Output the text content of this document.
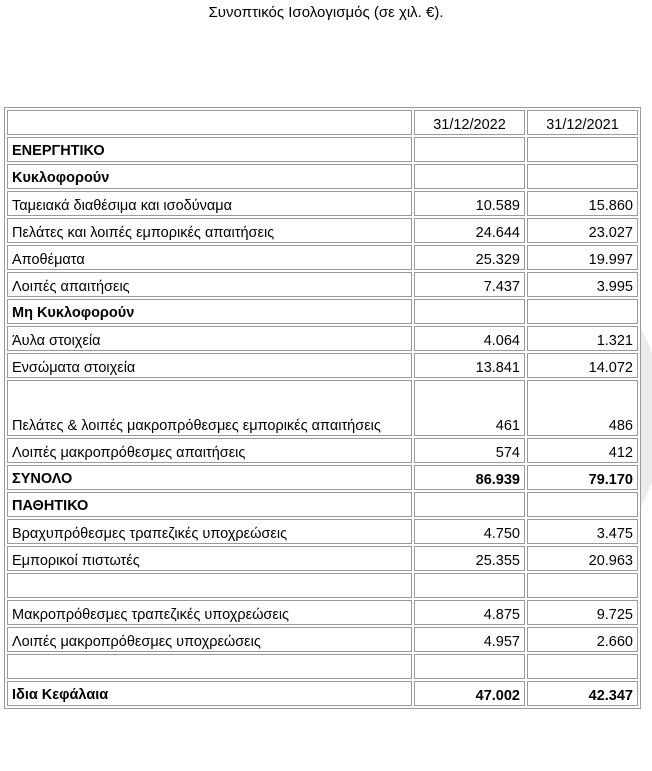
Συνοπτικός Ισολογισμός (σε χιλ. €).
	31/12/2022	31/12/2021
ΕΝΕΡΓΗΤΙΚΟ		
Κυκλοφορούν		
Ταμειακά διαθέσιμα και ισοδύναμα	10.589	15.860
Πελάτες και λοιπές εμπορικές απαιτήσεις	24.644	23.027
Αποθέματα	25.329	19.997
Λοιπές απαιτήσεις	7.437	3.995
Μη Κυκλοφορούν		
Άυλα στοιχεία	4.064	1.321
Ενσώματα στοιχεία	13.841	14.072
Πελάτες & λοιπές μακροπρόθεσμες εμπορικές απαιτήσεις	461	486
Λοιπές μακροπρόθεσμες απαιτήσεις	574	412
ΣΥΝΟΛΟ	86.939	79.170
ΠΑΘΗΤΙΚΟ		
Βραχυπρόθεσμες τραπεζικές υποχρεώσεις	4.750	3.475
Εμπορικοί πιστωτές	25.355	20.963

Μακροπρόθεσμες τραπεζικές υποχρεώσεις	4.875	9.725
Λοιπές μακροπρόθεσμες υποχρεώσεις	4.957	2.660

Ιδια Κεφάλαια	47.002	42.347
